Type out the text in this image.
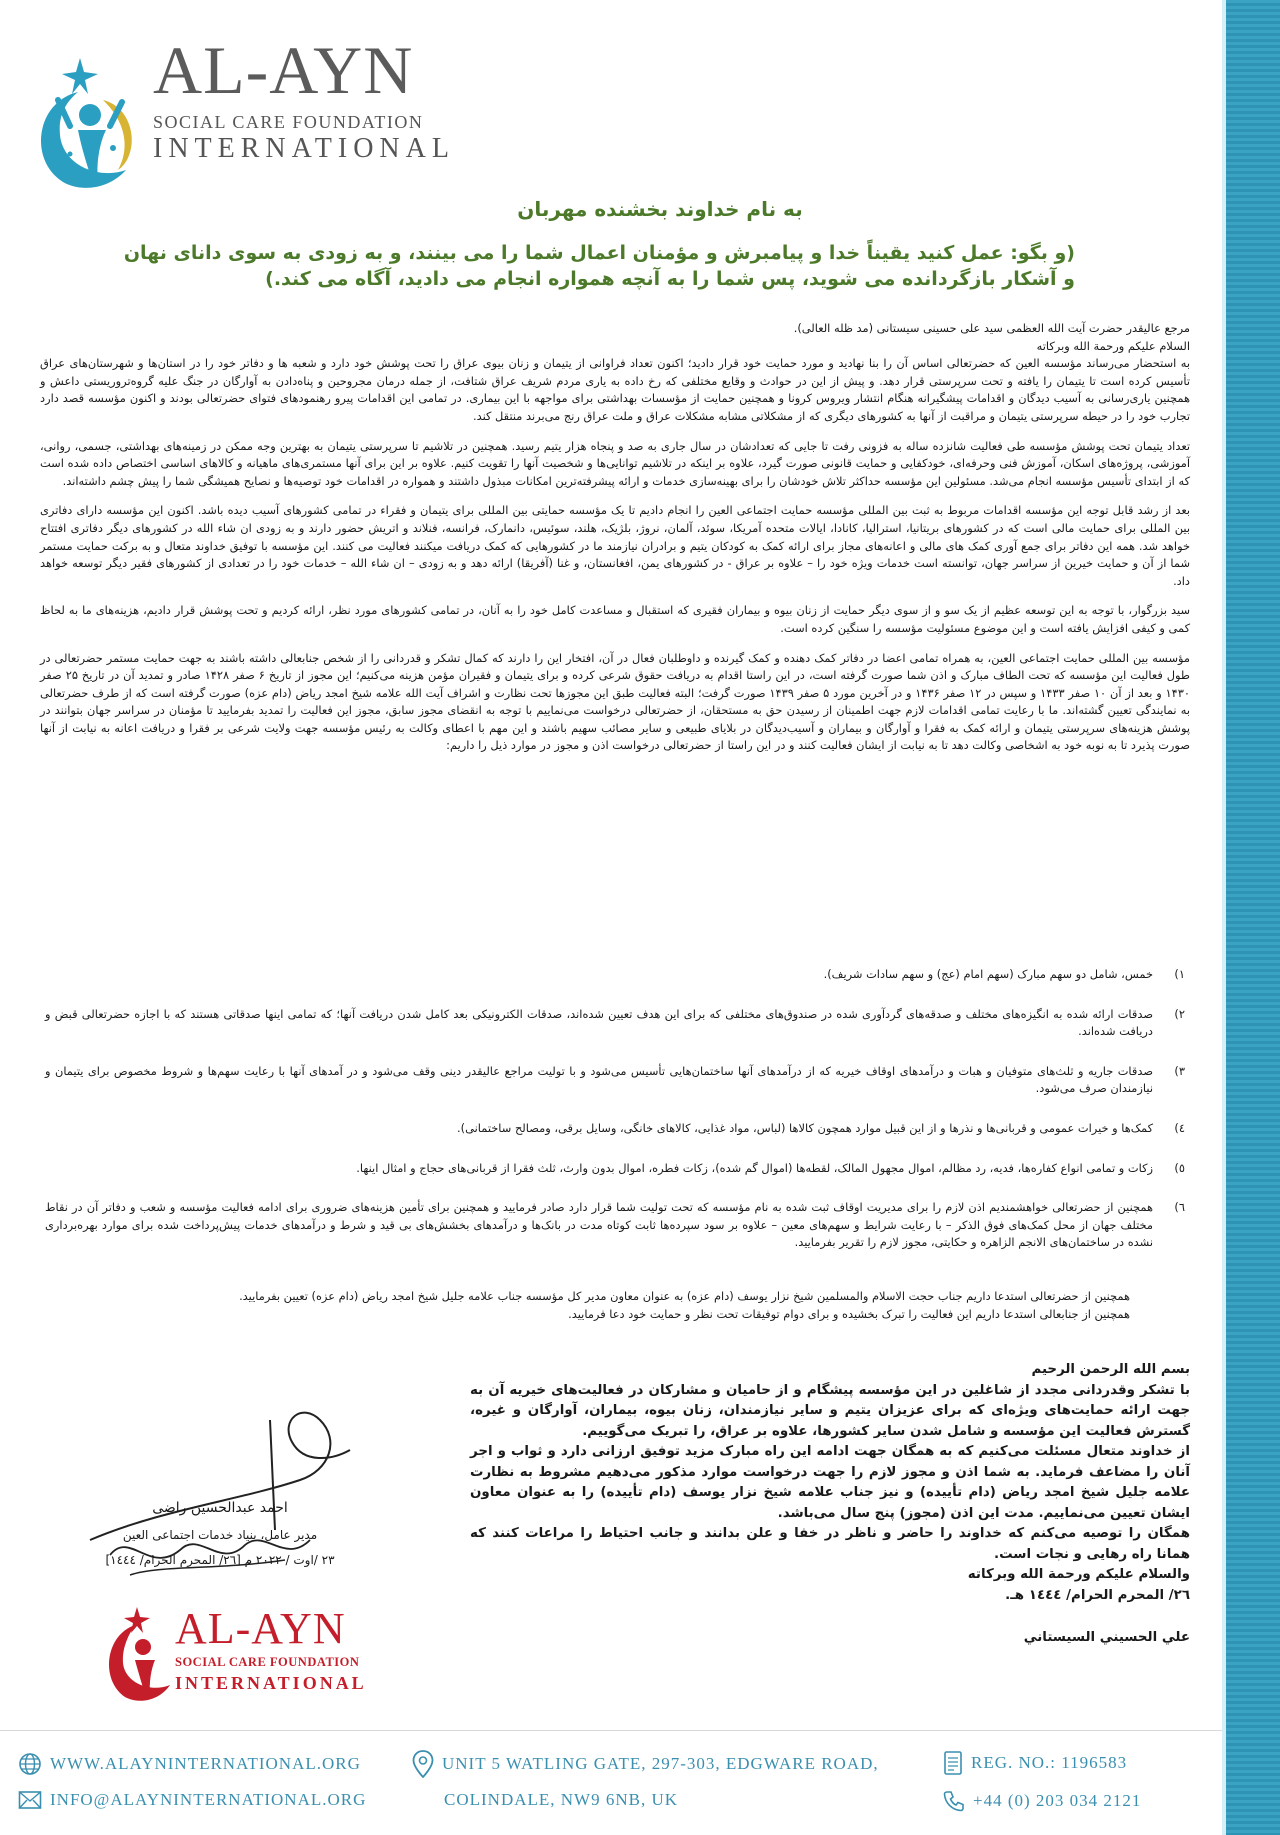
AL-AYN
SOCIAL CARE FOUNDATION
INTERNATIONAL
به نام خداوند بخشنده مهربان
(و بگو: عمل کنید یقیناً خدا و پیامبرش و مؤمنان اعمال شما را می بینند، و به زودی به سوی دانای نهان و آشکار بازگردانده می شوید، پس شما را به آنچه همواره انجام می دادید، آگاه می کند.)

مرجع عالیقدر حضرت آیت الله العظمی سید علی حسینی سیستانی (مد ظله العالی).

السلام علیکم ورحمة الله وبرکاته

به استحضار می‌رساند مؤسسه العین که حضرتعالی اساس آن را بنا نهادید و مورد حمایت خود قرار دادید؛ اکنون تعداد فراوانی از یتیمان و زنان بیوی عراق را تحت پوشش خود دارد و شعبه ها و دفاتر خود را در استان‌ها و شهرستان‌های عراق تأسیس کرده است تا یتیمان را یافته و تحت سرپرستی قرار دهد. و پیش از این در حوادث و وقایع مختلفی که رخ داده به یاری مردم شریف عراق شتافت، از جمله درمان مجروحین و پناه‌دادن به آوارگان در جنگ علیه گروه‌تروریستی داعش و همچنین یاری‌رسانی به آسیب دیدگان و اقدامات پیشگیرانه هنگام انتشار ویروس کرونا و همچنین حمایت از مؤسسات بهداشتی برای مواجهه با این بیماری. در تمامی این اقدامات پیرو رهنمودهای فتوای حضرتعالی بودند و اکنون مؤسسه قصد دارد تجارب خود را در حیطه سرپرستی یتیمان و مراقبت از آنها به کشورهای دیگری که از مشکلاتی مشابه مشکلات عراق و ملت عراق رنج می‌برند منتقل کند.

تعداد یتیمان تحت پوشش مؤسسه طی فعالیت شانزده ساله به فزونی رفت تا جایی که تعدادشان در سال جاری به صد و پنجاه هزار یتیم رسید. همچنین در تلاشیم تا سرپرستی یتیمان به بهترین وجه ممکن در زمینه‌های بهداشتی، جسمی، روانی، آموزشی، پروژه‌های اسکان، آموزش فنی وحرفه‌ای، خودکفایی و حمایت قانونی صورت گیرد، علاوه بر اینکه در تلاشیم توانایی‌ها و شخصیت آنها را تقویت کنیم. علاوه بر این برای آنها مستمری‌های ماهیانه و کالاهای اساسی اختصاص داده شده است که از ابتدای تأسیس مؤسسه انجام می‌شد. مسئولین این مؤسسه حداکثر تلاش خودشان را برای بهینه‌سازی خدمات و ارائه پیشرفته‌ترین امکانات مبذول داشتند و همواره در اقدامات خود توصیه‌ها و نصایح همیشگی شما را پیش چشم داشته‌اند.

بعد از رشد قابل توجه این مؤسسه اقدامات مربوط به ثبت بین المللی مؤسسه حمایت اجتماعی العین را انجام دادیم تا یک مؤسسه حمایتی بین المللی برای یتیمان و فقراء در تمامی کشورهای آسیب دیده باشد. اکنون این مؤسسه دارای دفاتری بین المللی برای حمایت مالی است که در کشورهای بریتانیا، استرالیا، کانادا، ایالات متحده آمریکا، سوئد، آلمان، نروژ، بلژیک، هلند، سوئیس، دانمارک، فرانسه، فنلاند و اتریش حضور دارند و به زودی ان شاء الله در کشورهای دیگر دفاتری افتتاح خواهد شد. همه این دفاتر برای جمع آوری کمک های مالی و اعانه‌های مجاز برای ارائه کمک به کودکان یتیم و برادران نیازمند ما در کشورهایی که کمک دریافت میکنند فعالیت می کنند. این مؤسسه با توفیق خداوند متعال و به برکت حمایت مستمر شما از آن و حمایت خیرین از سراسر جهان، توانسته است خدمات ویژه خود را – علاوه بر عراق - در کشورهای یمن، افغانستان، و غنا (آفریقا) ارائه دهد و به زودی – ان شاء الله – خدمات خود را در تعدادی از کشورهای فقیر دیگر توسعه خواهد داد.

سید بزرگوار، با توجه به این توسعه عظیم از یک سو و از سوی دیگر حمایت از زنان بیوه و بیماران فقیری که استقبال و مساعدت کامل خود را به آنان، در تمامی کشورهای مورد نظر، ارائه کردیم و تحت پوشش قرار دادیم، هزینه‌های ما به لحاظ کمی و کیفی افزایش یافته است و این موضوع مسئولیت مؤسسه را سنگین کرده است.

مؤسسه بین المللی حمایت اجتماعی العین، به همراه تمامی اعضا در دفاتر کمک دهنده و کمک گیرنده و داوطلبان فعال در آن، افتخار این را دارند که کمال تشکر و قدردانی را از شخص جنابعالی داشته باشند به جهت حمایت مستمر حضرتعالی در طول فعالیت این مؤسسه که تحت الطاف مبارک و اذن شما صورت گرفته است، در این راستا اقدام به دریافت حقوق شرعی کرده و برای یتیمان و فقیران مؤمن هزینه می‌کنیم؛ این مجوز از تاریخ ۶ صفر ۱۴۲۸ صادر و تمدید آن در تاریخ ۲۵ صفر ۱۴۳۰ و بعد از آن ۱۰ صفر ۱۴۳۳ و سپس در ۱۲ صفر ۱۴۳۶ و در آخرین مورد ۵ صفر ۱۴۳۹ صورت گرفت؛ البته فعالیت طبق این مجوزها تحت نظارت و اشراف آیت الله علامه شیخ امجد ریاض (دام عزه) صورت گرفته است که از طرف حضرتعالی به نمایندگی تعیین گشته‌اند. ما با رعایت تمامی اقدامات لازم جهت اطمینان از رسیدن حق به مستحقان، از حضرتعالی درخواست می‌نماییم با توجه به انقضای مجوز سابق، مجوز این فعالیت را تمدید بفرمایید تا مؤمنان در سراسر جهان بتوانند در پوشش هزینه‌های سرپرستی یتیمان و ارائه کمک به فقرا و آوارگان و بیماران و آسیب‌دیدگان در بلایای طبیعی و سایر مصائب سهیم باشند و این مهم با اعطای وکالت به رئیس مؤسسه جهت ولایت شرعی بر فقرا و دریافت اعانه به نیابت از آنها صورت پذیرد تا به نوبه خود به اشخاصی وکالت دهد تا به نیابت از ایشان فعالیت کنند و در این راستا از حضرتعالی درخواست اذن و مجوز در موارد ذیل را داریم:

۱)
خمس، شامل دو سهم مبارک (سهم امام (عج) و سهم سادات شریف).
۲)
صدقات ارائه شده به انگیزه‌های مختلف و صدقه‌های گردآوری شده در صندوق‌های مختلفی که برای این هدف تعیین شده‌اند، صدقات الکترونیکی بعد کامل شدن دریافت آنها؛ که تمامی اینها صدقاتی هستند که با اجازه حضرتعالی قبض و دریافت شده‌اند.
۳)
صدقات جاریه و ثلث‌های متوفیان و هبات و درآمدهای اوقاف خیریه که از درآمدهای آنها ساختمان‌هایی تأسیس می‌شود و با تولیت مراجع عالیقدر دینی وقف می‌شود و در آمدهای آنها با رعایت سهم‌ها و شروط مخصوص برای یتیمان و نیازمندان صرف می‌شود.
٤)
کمک‌ها و خیرات عمومی و قربانی‌ها و نذرها و از این قبیل موارد همچون کالاها (لباس، مواد غذایی، کالاهای خانگی، وسایل برقی، ومصالح ساختمانی).
٥)
زکات و تمامی انواع کفاره‌ها، فدیه، رد مظالم، اموال مجهول المالک، لقطه‌ها (اموال گم شده)، زکات فطره، اموال بدون وارث، ثلث فقرا از قربانی‌های حجاج و امثال اینها.
٦)
همچنین از حضرتعالی خواهشمندیم اذن لازم را برای مدیریت اوقاف ثبت شده به نام مؤسسه که تحت تولیت شما قرار دارد صادر فرمایید و همچنین برای تأمین هزینه‌های ضروری برای ادامه فعالیت مؤسسه و شعب و دفاتر آن در نقاط مختلف جهان از محل کمک‌های فوق الذکر – با رعایت شرایط و سهم‌های معین – علاوه بر سود سپرده‌ها ثابت کوتاه مدت در بانک‌ها و درآمدهای بخشش‌های بی قید و شرط و درآمدهای خدمات پیش‌پرداخت شده برای موارد بهره‌برداری نشده در ساختمان‌های الانجم الزاهره و حکایتی، مجوز لازم را تقریر بفرمایید.
همچنین از حضرتعالی استدعا داریم جناب حجت الاسلام والمسلمین شیخ نزار یوسف (دام عزه) به عنوان معاون مدیر کل مؤسسه جناب علامه جلیل شیخ امجد ریاض (دام عزه) تعیین بفرمایید.
همچنین از جنابعالی استدعا داریم این فعالیت را تبرک بخشیده و برای دوام توفیقات تحت نظر و حمایت خود دعا فرمایید.
احمد عبدالحسین راضی
مدیر عامل، بنیاد خدمات اجتماعی العین
۲۳ /اوت / ۲۰۲۲ م [۲٦/ المحرم الحرام/ ١٤٤٤]

بسم الله الرحمن الرحيم

با تشکر وقدردانی مجدد از شاغلین در این مؤسسه پیشگام و از حامیان و مشارکان در فعالیت‌های خیریه آن به جهت ارائه حمایت‌های ویژه‌ای که برای عزیزان یتیم و سایر نیازمندان، زنان بیوه، بیماران، آوارگان و غیره، گسترش فعالیت این مؤسسه و شامل شدن سایر کشورها، علاوه بر عراق، را تبریک می‌گوییم.

از خداوند متعال مسئلت می‌کنیم که به همگان جهت ادامه این راه مبارک مزید توفیق ارزانی دارد و ثواب و اجر آنان را مضاعف فرماید. به شما اذن و مجوز لازم را جهت درخواست موارد مذکور می‌دهیم مشروط به نظارت علامه جلیل شیخ امجد ریاض (دام تأییده) و نیز جناب علامه شیخ نزار یوسف (دام تأییده) را به عنوان معاون ایشان تعیین می‌نماییم. مدت این اذن (مجوز) پنج سال می‌باشد.

همگان را توصیه می‌کنم که خداوند را حاضر و ناظر در خفا و علن بدانند و جانب احتیاط را مراعات کنند که همانا راه رهایی و نجات است.

والسلام علیکم ورحمة الله وبرکاته

۲٦/ المحرم الحرام/ ١٤٤٤ هـ.

علي الحسيني السيستاني

AL-AYN
SOCIAL CARE FOUNDATION
INTERNATIONAL
WWW.ALAYNINTERNATIONAL.ORG
INFO@ALAYNINTERNATIONAL.ORG
UNIT 5 WATLING GATE, 297-303, EDGWARE ROAD,
COLINDALE, NW9 6NB, UK
REG. NO.: 1196583
+44 (0) 203 034 2121
